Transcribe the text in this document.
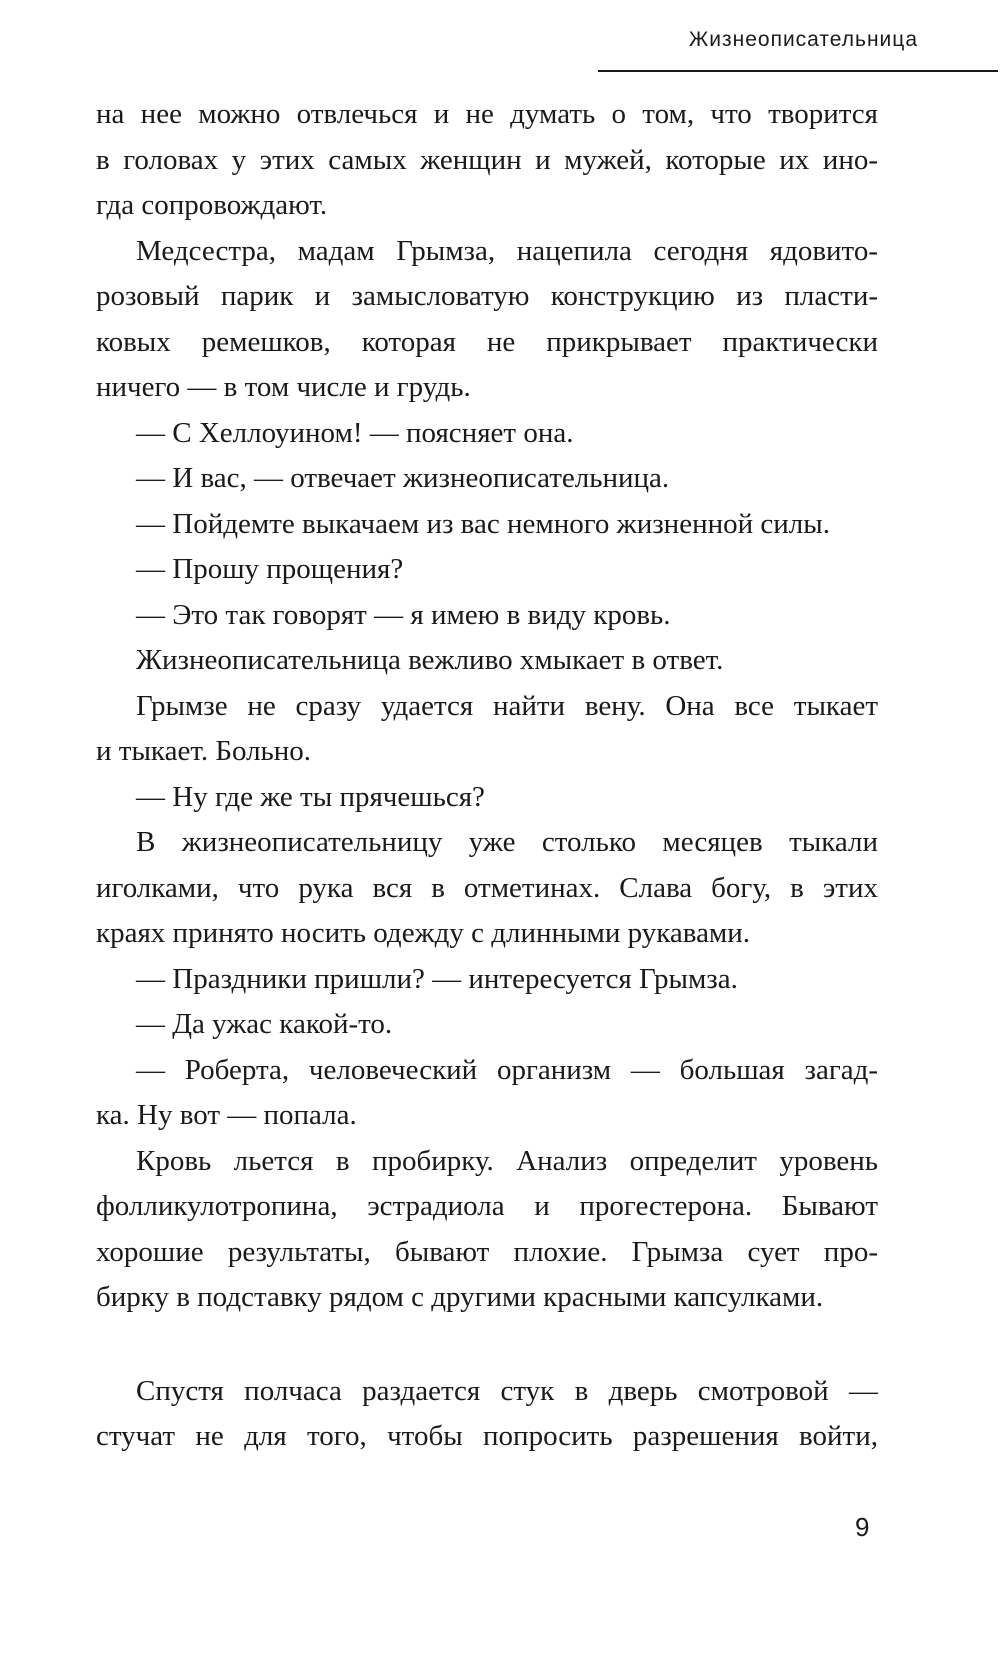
Жизнеописательница
на нее можно отвлечься и не думать о том, что творится
в головах у этих самых женщин и мужей, которые их ино-
гда сопровождают.
Медсестра, мадам Грымза, нацепила сегодня ядовито-
розовый парик и замысловатую конструкцию из пласти-
ковых ремешков, которая не прикрывает практически
ничего — в том числе и грудь.
— С Хеллоуином! — поясняет она.
— И вас, — отвечает жизнеописательница.
— Пойдемте выкачаем из вас немного жизненной силы.
— Прошу прощения?
— Это так говорят — я имею в виду кровь.
Жизнеописательница вежливо хмыкает в ответ.
Грымзе не сразу удается найти вену. Она все тыкает
и тыкает. Больно.
— Ну где же ты прячешься?
В жизнеописательницу уже столько месяцев тыкали
иголками, что рука вся в отметинах. Слава богу, в этих
краях принято носить одежду с длинными рукавами.
— Праздники пришли? — интересуется Грымза.
— Да ужас какой-то.
— Роберта, человеческий организм — большая загад-
ка. Ну вот — попала.
Кровь льется в пробирку. Анализ определит уровень
фолликулотропина, эстрадиола и прогестерона. Бывают
хорошие результаты, бывают плохие. Грымза сует про-
бирку в подставку рядом с другими красными капсулками.
Спустя полчаса раздается стук в дверь смотровой —
стучат не для того, чтобы попросить разрешения войти,
9
